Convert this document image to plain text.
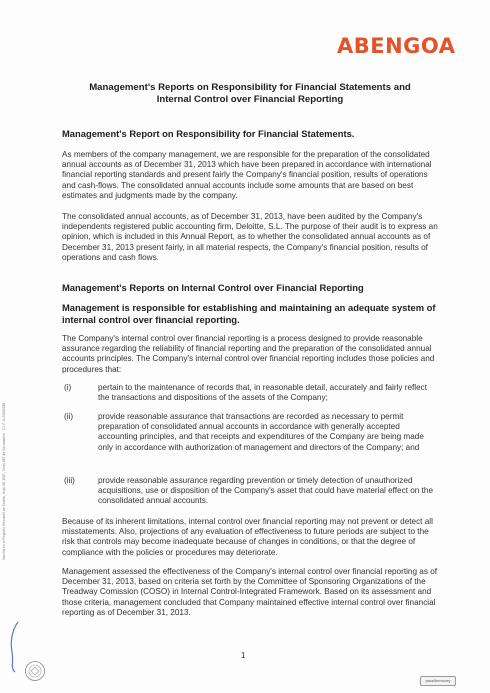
ABENGOA
Management's Reports on Responsibility for Financial Statements and
Internal Control over Financial Reporting
Management's Report on Responsibility for Financial Statements.
As members of the company management, we are responsible for the preparation of the consolidated annual accounts as of December 31, 2013 which have been prepared in accordance with international financial reporting standards and present fairly the Company's financial position, results of operations and cash-flows. The consolidated annual accounts include some amounts that are based on best estimates and judgments made by the company.
The consolidated annual accounts, as of December 31, 2013, have been audited by the Company's independents registered public accounting firm, Deloitte, S.L. The purpose of their audit is to express an opinion, which is included in this Annual Report, as to whether the consolidated annual accounts as of December 31, 2013 present fairly, in all material respects, the Company's financial position, results of operations and cash flows.
Management's Reports on Internal Control over Financial Reporting
Management is responsible for establishing and maintaining an adequate system of internal control over financial reporting.
The Company's internal control over financial reporting is a process designed to provide reasonable assurance regarding the reliability of financial reporting and the preparation of the consolidated annual accounts principles. The Company's internal control over financial reporting includes those policies and procedures that:
(i)	pertain to the maintenance of records that, in reasonable detail, accurately and fairly reflect the transactions and dispositions of the assets of the Company;
(ii)	provide reasonable assurance that transactions are recorded as necessary to permit preparation of consolidated annual accounts in accordance with generally accepted accounting principles, and that receipts and expenditures of the Company are being made only in accordance with authorization of management and directors of the Company; and
(iii)	provide reasonable assurance regarding prevention or timely detection of unauthorized acquisitions, use or disposition of the Company's asset that could have material effect on the consolidated annual accounts.
Because of its inherent limitations, internal control over financial reporting may not prevent or detect all misstatements. Also, projections of any evaluation of effectiveness to future periods are subject to the risk that controls may become inadequate because of changes in conditions, or that the degree of compliance with the policies or procedures may deteriorate.
Management assessed the effectiveness of the Company's internal control over financial reporting as of December 31, 2013, based on criteria set forth by the Committee of Sponsoring Organizations of the Treadway Comission (COSO) in Internal Control-Integrated Framework. Based on its assessment and those criteria, management concluded that Company maintained effective internal control over financial reporting as of December 31, 2013.
1
Inscrita en el Registro Mercantil de Sevilla, Hoja SE-1507, Tomo 867 de Sociedades · C.I.F. A-41002288
pacs/berrocey
